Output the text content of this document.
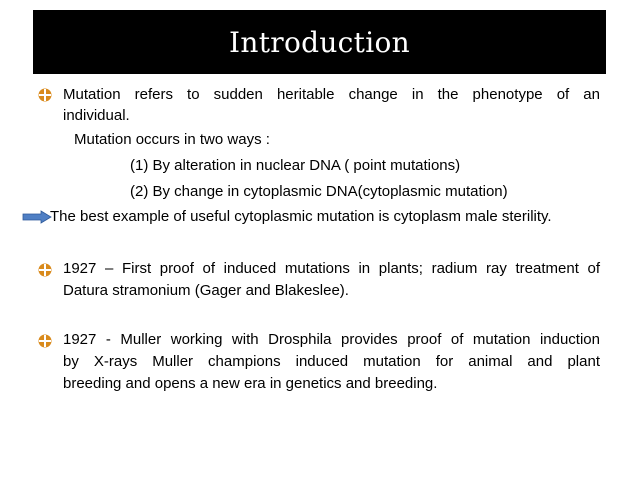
Introduction
Mutation refers to sudden heritable change in the phenotype of an
individual.
Mutation occurs in two ways :
(1) By alteration in nuclear DNA ( point mutations)
(2) By change in cytoplasmic DNA(cytoplasmic mutation)
The best example of useful cytoplasmic mutation is cytoplasm male sterility.
1927 – First proof of induced mutations in plants; radium ray treatment of
Datura stramonium (Gager and Blakeslee).
1927 - Muller working with Drosphila provides proof of mutation induction
by X-rays Muller champions induced mutation for animal and plant
breeding and opens a new era in genetics and breeding.
